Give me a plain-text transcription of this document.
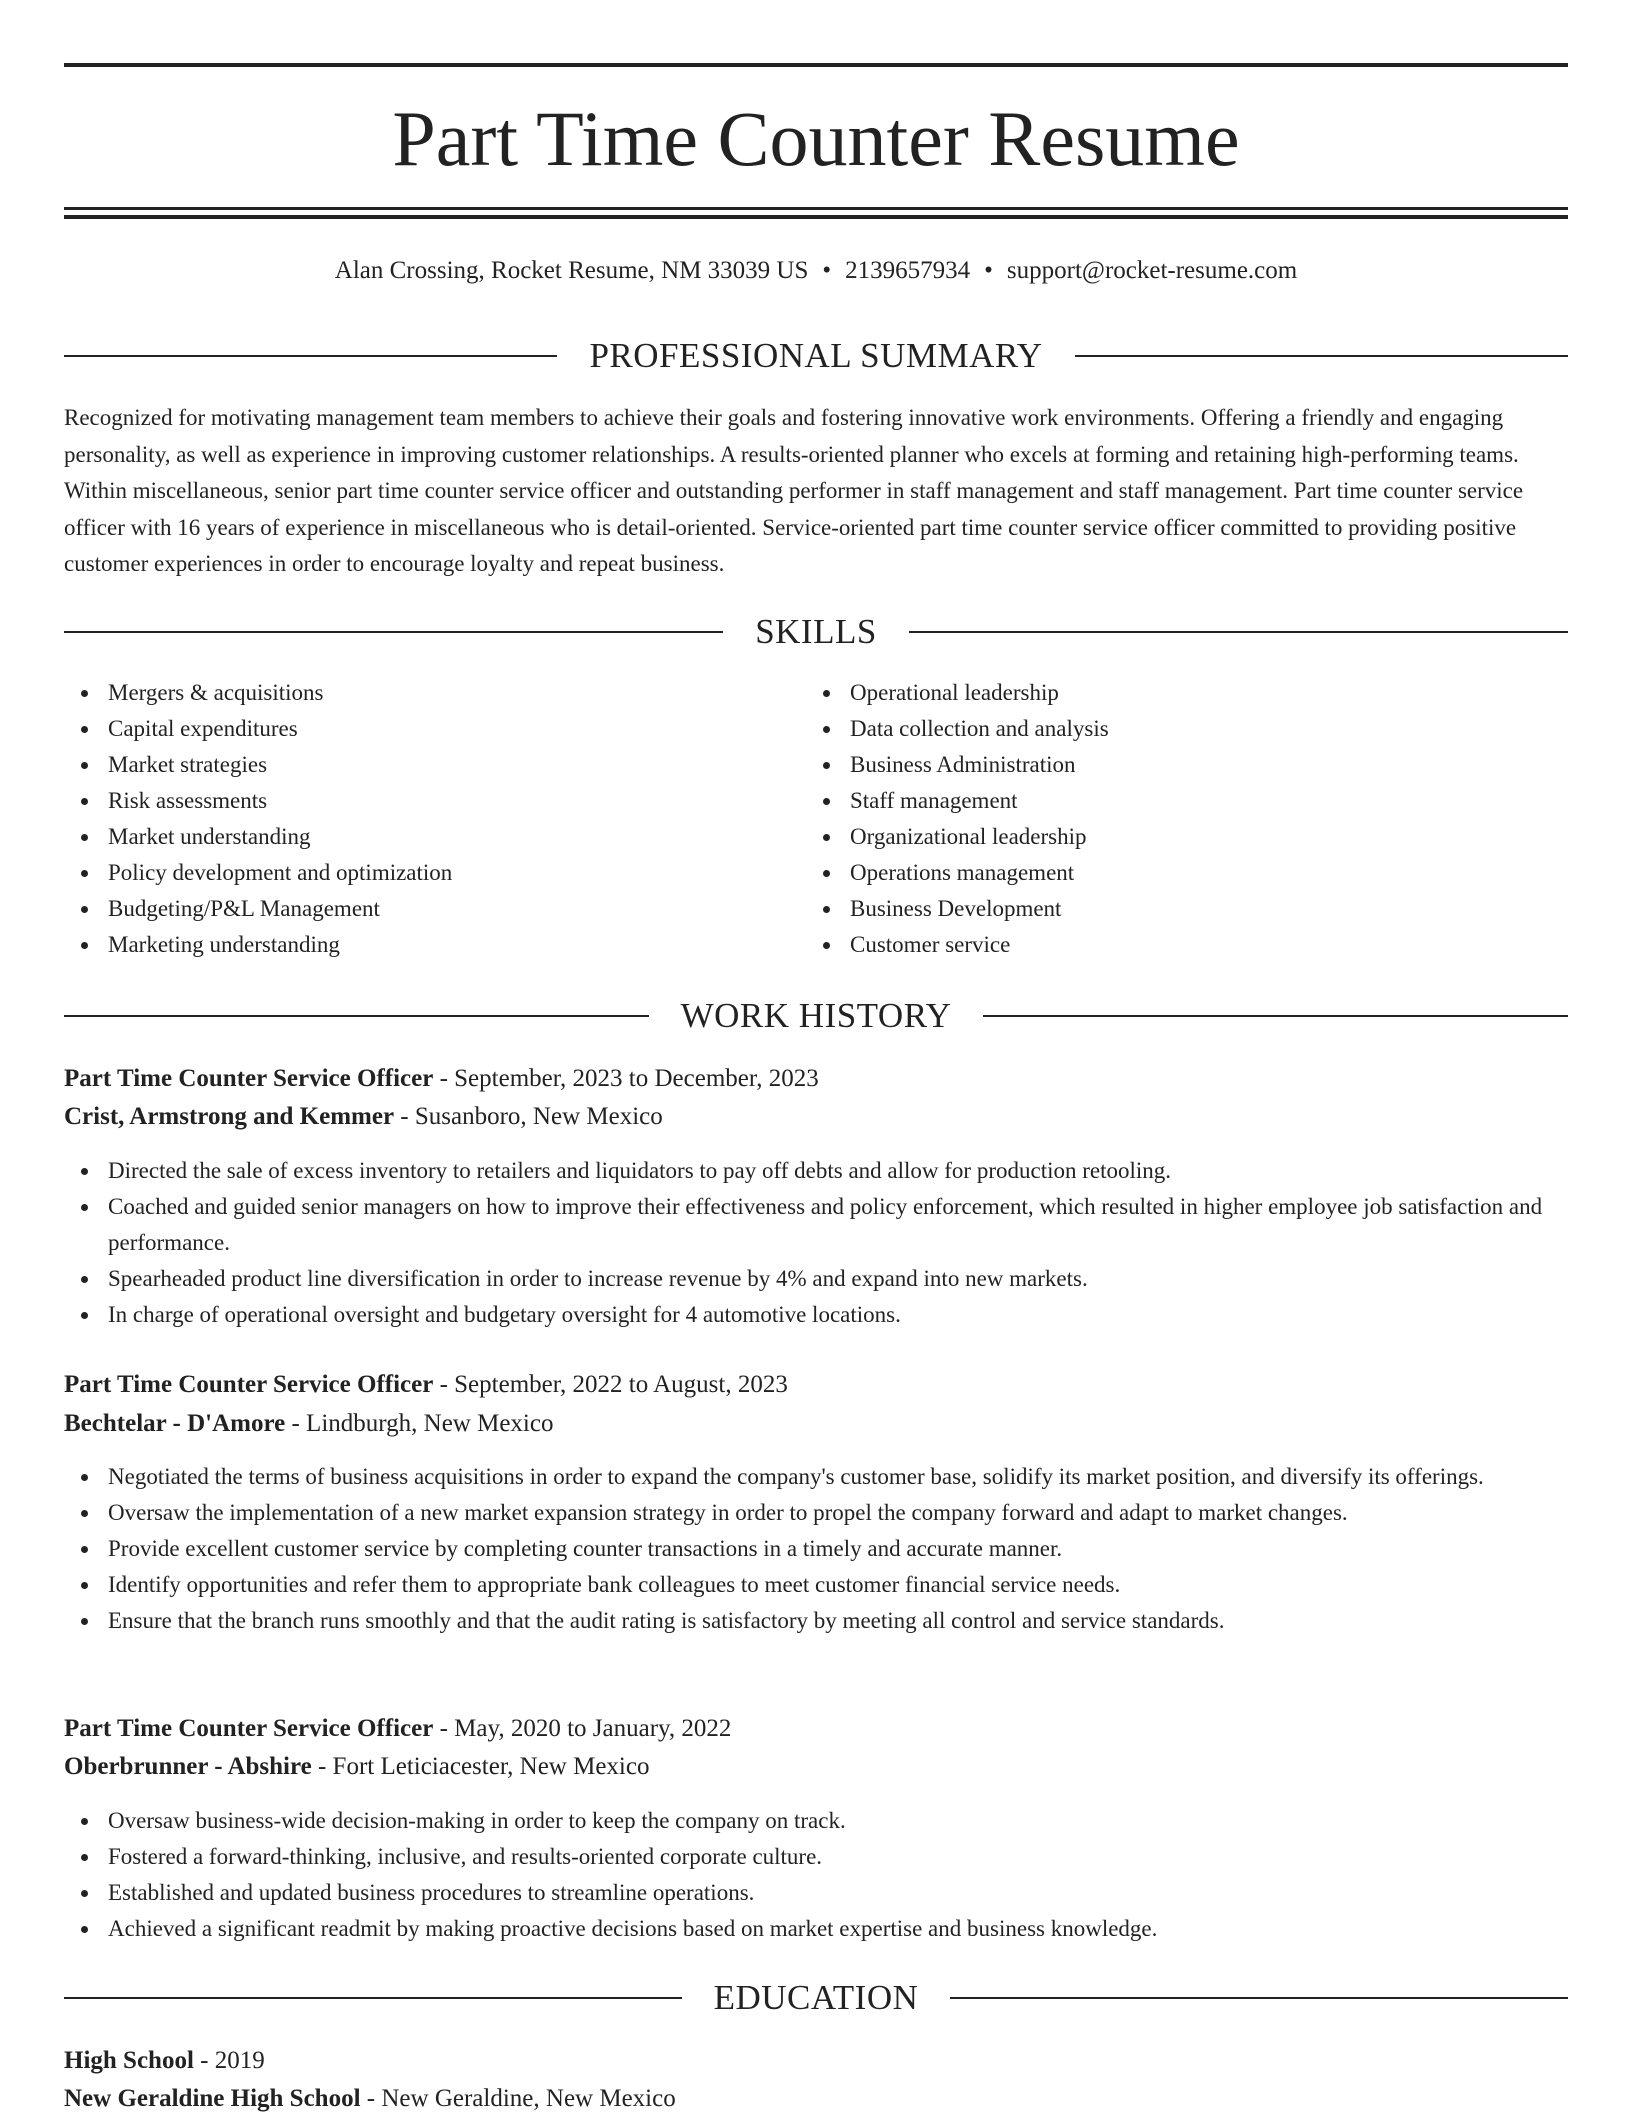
Part Time Counter Resume
Alan Crossing, Rocket Resume, NM 33039 US • 2139657934 • support@rocket-resume.com
PROFESSIONAL SUMMARY

Recognized for motivating management team members to achieve their goals and fostering innovative work environments. Offering a friendly and engaging personality, as well as experience in improving customer relationships. A results-oriented planner who excels at forming and retaining high-performing teams. Within miscellaneous, senior part time counter service officer and outstanding performer in staff management and staff management. Part time counter service officer with 16 years of experience in miscellaneous who is detail-oriented. Service-oriented part time counter service officer committed to providing positive customer experiences in order to encourage loyalty and repeat business.

SKILLS
Mergers & acquisitions
Capital expenditures
Market strategies
Risk assessments
Market understanding
Policy development and optimization
Budgeting/P&L Management
Marketing understanding
Operational leadership
Data collection and analysis
Business Administration
Staff management
Organizational leadership
Operations management
Business Development
Customer service
WORK HISTORY
Part Time Counter Service Officer - September, 2023 to December, 2023
Crist, Armstrong and Kemmer - Susanboro, New Mexico
Directed the sale of excess inventory to retailers and liquidators to pay off debts and allow for production retooling.
Coached and guided senior managers on how to improve their effectiveness and policy enforcement, which resulted in higher employee job satisfaction and performance.
Spearheaded product line diversification in order to increase revenue by 4% and expand into new markets.
In charge of operational oversight and budgetary oversight for 4 automotive locations.
Part Time Counter Service Officer - September, 2022 to August, 2023
Bechtelar - D'Amore - Lindburgh, New Mexico
Negotiated the terms of business acquisitions in order to expand the company's customer base, solidify its market position, and diversify its offerings.
Oversaw the implementation of a new market expansion strategy in order to propel the company forward and adapt to market changes.
Provide excellent customer service by completing counter transactions in a timely and accurate manner.
Identify opportunities and refer them to appropriate bank colleagues to meet customer financial service needs.
Ensure that the branch runs smoothly and that the audit rating is satisfactory by meeting all control and service standards.
Part Time Counter Service Officer - May, 2020 to January, 2022
Oberbrunner - Abshire - Fort Leticiacester, New Mexico
Oversaw business-wide decision-making in order to keep the company on track.
Fostered a forward-thinking, inclusive, and results-oriented corporate culture.
Established and updated business procedures to streamline operations.
Achieved a significant readmit by making proactive decisions based on market expertise and business knowledge.
EDUCATION
High School - 2019
New Geraldine High School - New Geraldine, New Mexico
